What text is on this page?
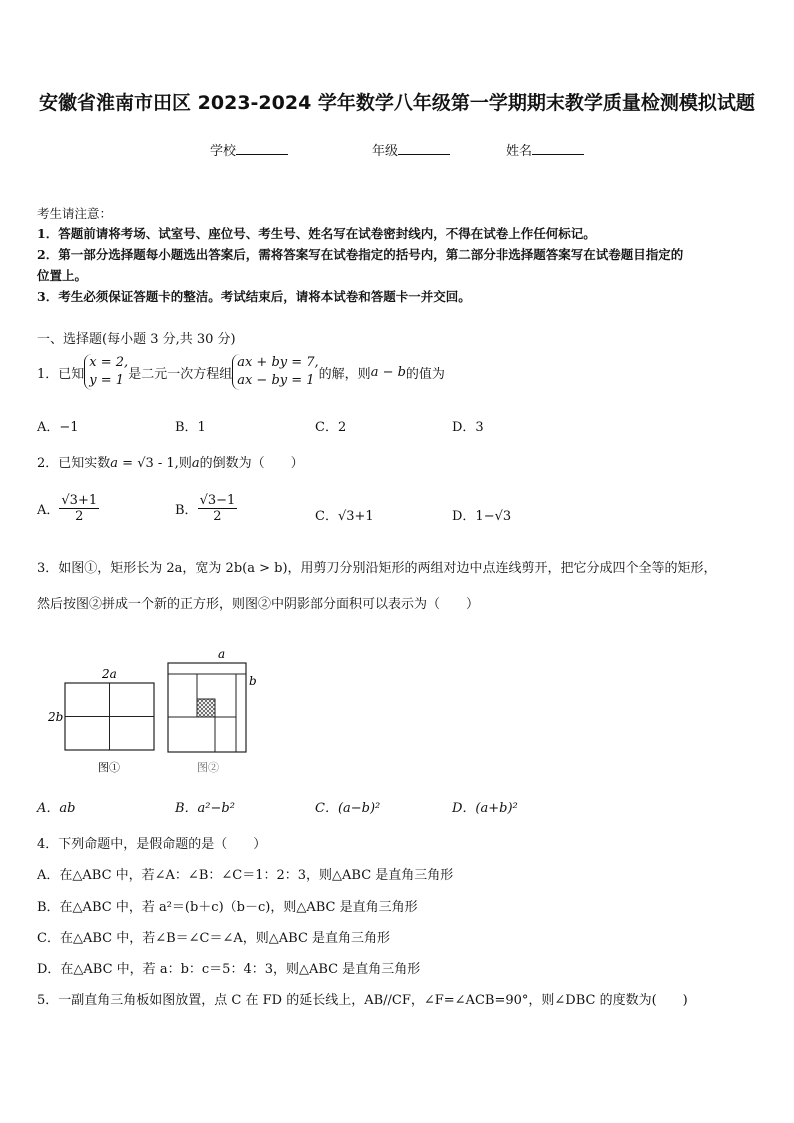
安徽省淮南市田区 2023-2024 学年数学八年级第一学期期末教学质量检测模拟试题
学校	年级	姓名
考生请注意：
1．答题前请将考场、试室号、座位号、考生号、姓名写在试卷密封线内，不得在试卷上作任何标记。
2．第一部分选择题每小题选出答案后，需将答案写在试卷指定的括号内，第二部分非选择题答案写在试卷题目指定的
位置上。
3．考生必须保证答题卡的整洁。考试结束后，请将本试卷和答题卡一并交回。
一、选择题(每小题 3 分,共 30 分)
1．已知
x = 2,
y = 1 是二元一次方程组
ax + by = 7,
ax − by = 1 的解，则 a − b 的值为
A．−1	B．1	C．2	D．3
2．已知实数a = √3 - 1,则a的倒数为（　　）
A． $\frac{√3+1}{2}$	B． $\frac{√3-1}{2}$	C．√3+1	D．1−√3
3．如图①，矩形长为 2a，宽为 2b(a > b)，用剪刀分别沿矩形的两组对边中点连线剪开，把它分成四个全等的矩形，
然后按图②拼成一个新的正方形，则图②中阴影部分面积可以表示为（　　）
2a
2b
图①
a
b
图②
A．ab	B．a²−b²	C．(a−b)²	D．(a+b)²
4．下列命题中，是假命题的是（　　）
A．在△ABC 中，若∠A：∠B：∠C＝1：2：3，则△ABC 是直角三角形
B．在△ABC 中，若 a²＝(b＋c)（b－c)，则△ABC 是直角三角形
C．在△ABC 中，若∠B＝∠C＝∠A，则△ABC 是直角三角形
D．在△ABC 中，若 a：b：c＝5：4：3，则△ABC 是直角三角形
5．一副直角三角板如图放置，点 C 在 FD 的延长线上，AB//CF，∠F=∠ACB=90°，则∠DBC 的度数为(　　)
